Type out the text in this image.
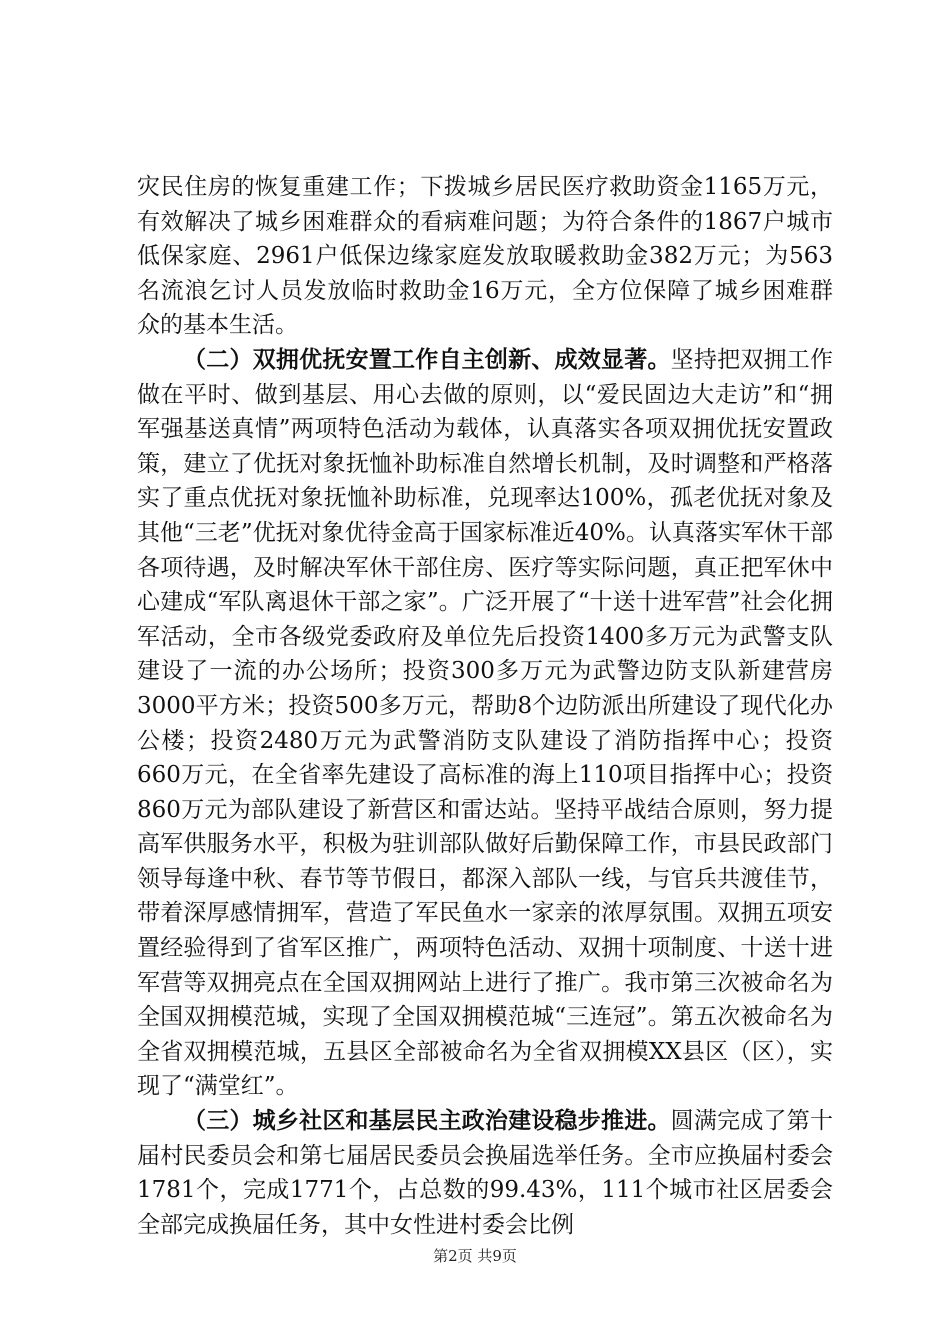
灾民住房的恢复重建工作；下拨城乡居民医疗救助资金1165万元，有效解决了城乡困难群众的看病难问题；为符合条件的1867户城市低保家庭、2961户低保边缘家庭发放取暖救助金382万元；为563名流浪乞讨人员发放临时救助金16万元，全方位保障了城乡困难群众的基本生活。

（二）双拥优抚安置工作自主创新、成效显著。坚持把双拥工作做在平时、做到基层、用心去做的原则，以“爱民固边大走访”和“拥军强基送真情”两项特色活动为载体，认真落实各项双拥优抚安置政策，建立了优抚对象抚恤补助标准自然增长机制，及时调整和严格落实了重点优抚对象抚恤补助标准，兑现率达100%，孤老优抚对象及其他“三老”优抚对象优待金高于国家标准近40%。认真落实军休干部各项待遇，及时解决军休干部住房、医疗等实际问题，真正把军休中心建成“军队离退休干部之家”。广泛开展了“十送十进军营”社会化拥军活动，全市各级党委政府及单位先后投资1400多万元为武警支队建设了一流的办公场所；投资300多万元为武警边防支队新建营房3000平方米；投资500多万元，帮助8个边防派出所建设了现代化办公楼；投资2480万元为武警消防支队建设了消防指挥中心；投资660万元，在全省率先建设了高标准的海上110项目指挥中心；投资860万元为部队建设了新营区和雷达站。坚持平战结合原则，努力提高军供服务水平，积极为驻训部队做好后勤保障工作，市县民政部门领导每逢中秋、春节等节假日，都深入部队一线，与官兵共渡佳节，带着深厚感情拥军，营造了军民鱼水一家亲的浓厚氛围。双拥五项安置经验得到了省军区推广，两项特色活动、双拥十项制度、十送十进军营等双拥亮点在全国双拥网站上进行了推广。我市第三次被命名为全国双拥模范城，实现了全国双拥模范城“三连冠”。第五次被命名为全省双拥模范城，五县区全部被命名为全省双拥模XX县区（区），实现了“满堂红”。

（三）城乡社区和基层民主政治建设稳步推进。圆满完成了第十届村民委员会和第七届居民委员会换届选举任务。全市应换届村委会1781个，完成1771个，占总数的99.43%，111个城市社区居委会全部完成换届任务，其中女性进村委会比例

第2页 共9页
